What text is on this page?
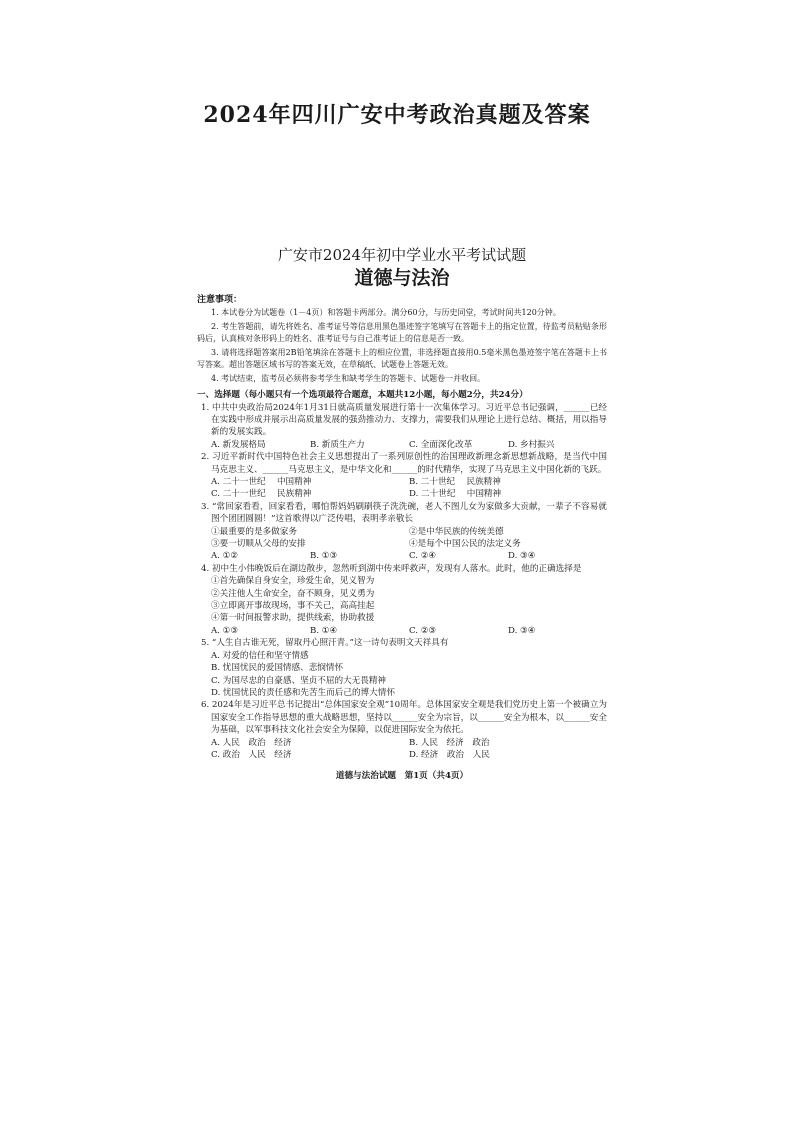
2024年四川广安中考政治真题及答案

广安市2024年初中学业水平考试试题

道德与法治

注意事项：

1. 本试卷分为试题卷（1－4页）和答题卡两部分。满分60分，与历史同堂，考试时间共120分钟。

2. 考生答题前，请先将姓名、准考证号等信息用黑色墨迹签字笔填写在答题卡上的指定位置，待监考员粘贴条形码后，认真核对条形码上的姓名、准考证号与自己准考证上的信息是否一致。

3. 请将选择题答案用2B铅笔填涂在答题卡上的相应位置，非选择题直接用0.5毫米黑色墨迹签字笔在答题卡上书写答案。超出答题区域书写的答案无效，在草稿纸、试题卷上答题无效。

4. 考试结束，监考员必须将参考学生和缺考学生的答题卡、试题卷一并收回。

一、选择题（每小题只有一个选项最符合题意，本题共12小题，每小题2分，共24分）
1. 中共中央政治局2024年1月31日就高质量发展进行第十一次集体学习。习近平总书记强调，______已经在实践中形成并展示出高质量发展的强劲推动力、支撑力，需要我们从理论上进行总结、概括，用以指导新的发展实践。
A. 新发展格局	B. 新质生产力	C. 全面深化改革	D. 乡村振兴
2. 习近平新时代中国特色社会主义思想提出了一系列原创性的治国理政新理念新思想新战略，是当代中国马克思主义、______马克思主义，是中华文化和______的时代精华，实现了马克思主义中国化新的飞跃。
A. 二十一世纪　 中国精神	B. 二十世纪　 民族精神
C. 二十一世纪　 民族精神	D. 二十世纪　 中国精神
3. “常回家看看，回家看看，哪怕帮妈妈刷刷筷子洗洗碗，老人不图儿女为家做多大贡献，一辈子不容易就图个团团圆圆！”这首歌得以广泛传唱，表明孝亲敬长
①最重要的是多做家务	②是中华民族的传统美德
③要一切顺从父母的安排	④是每个中国公民的法定义务
A. ①②	B. ①③	C. ②④	D. ③④
4. 初中生小伟晚饭后在湖边散步，忽然听到湖中传来呼救声，发现有人落水。此时，他的正确选择是
①首先确保自身安全，珍爱生命，见义智为
②关注他人生命安全，奋不顾身，见义勇为
③立即离开事故现场，事不关己，高高挂起
④第一时间报警求助，提供线索，协助救援
A. ①③	B. ①④	C. ②③	D. ③④
5. “人生自古谁无死，留取丹心照汗青。”这一诗句表明文天祥具有
A. 对爱的信任和坚守情感
B. 忧国忧民的爱国情感、悲悯情怀
C. 为国尽忠的自豪感、坚贞不屈的大无畏精神
D. 忧国忧民的责任感和先苦生而后己的博大情怀
6. 2024年是习近平总书记提出“总体国家安全观”10周年。总体国家安全观是我们党历史上第一个被确立为国家安全工作指导思想的重大战略思想，坚持以______安全为宗旨，以______安全为根本，以______安全为基础，以军事科技文化社会安全为保障，以促进国际安全为依托。
A. 人民　政治　经济	B. 人民　经济　政治
C. 政治　人民　经济	D. 经济　政治　人民
道德与法治试题　第1页（共4页）
